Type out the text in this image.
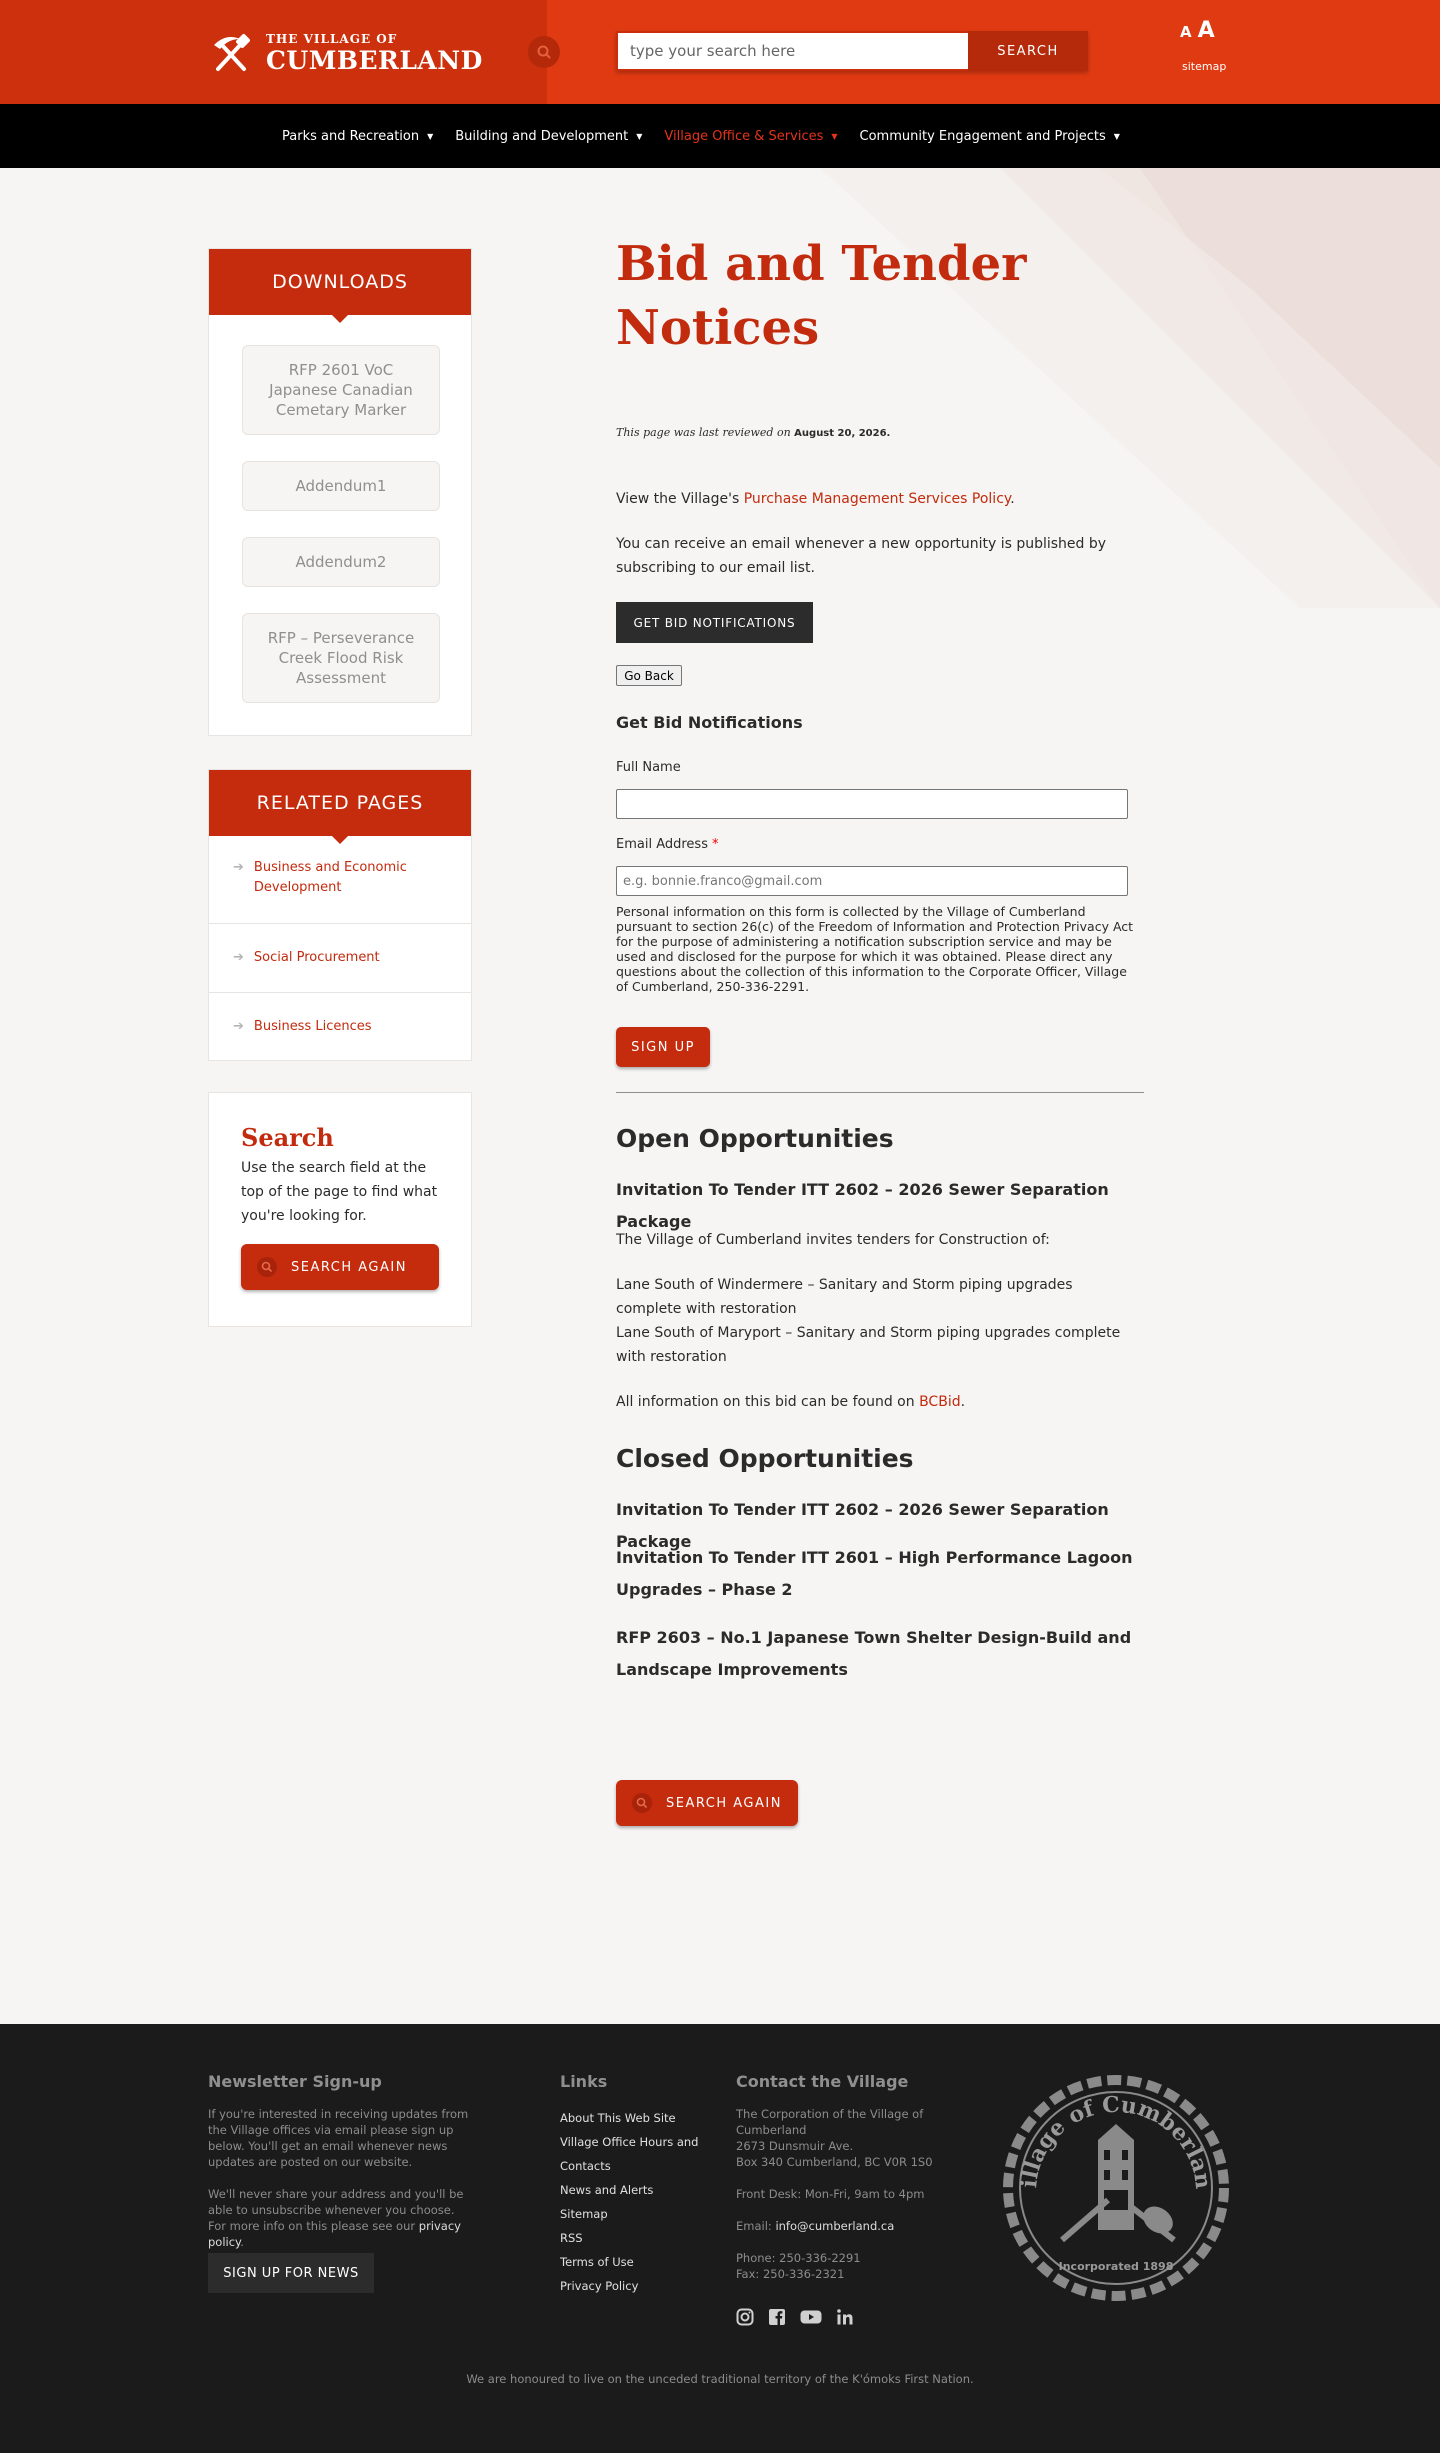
THE VILLAGE OF
CUMBERLAND
type your search here	SEARCH
A A
sitemap
Parks and Recreation ▼ Building and Development ▼ Village Office & Services ▼ Community Engagement and Projects ▼
DOWNLOADS
RFP 2601 VoC Japanese Canadian Cemetary Marker
Addendum1
Addendum2
RFP – Perseverance Creek Flood Risk Assessment
RELATED PAGES
➔ Business and Economic Development
➔ Social Procurement
➔ Business Licences
Search
Use the search field at the top of the page to find what you're looking for.
SEARCH AGAIN
Bid and Tender Notices
This page was last reviewed on August 20, 2026.
View the Village's Purchase Management Services Policy.
You can receive an email whenever a new opportunity is published by subscribing to our email list.
GET BID NOTIFICATIONS
Go Back
Get Bid Notifications
Full Name
Email Address *
e.g. bonnie.franco@gmail.com
Personal information on this form is collected by the Village of Cumberland pursuant to section 26(c) of the Freedom of Information and Protection Privacy Act for the purpose of administering a notification subscription service and may be used and disclosed for the purpose for which it was obtained. Please direct any questions about the collection of this information to the Corporate Officer, Village of Cumberland, 250-336-2291.
SIGN UP
Open Opportunities
Invitation To Tender ITT 2602 – 2026 Sewer Separation Package
The Village of Cumberland invites tenders for Construction of:
Lane South of Windermere – Sanitary and Storm piping upgrades complete with restoration
Lane South of Maryport – Sanitary and Storm piping upgrades complete with restoration
All information on this bid can be found on BCBid.
Closed Opportunities
Invitation To Tender ITT 2602 – 2026 Sewer Separation Package
Invitation To Tender ITT 2601 – High Performance Lagoon Upgrades – Phase 2
RFP 2603 – No.1 Japanese Town Shelter Design-Build and Landscape Improvements
SEARCH AGAIN
Newsletter Sign-up
If you're interested in receiving updates from the Village offices via email please sign up below. You'll get an email whenever news updates are posted on our website.
We'll never share your address and you'll be able to unsubscribe whenever you choose. For more info on this please see our privacy policy.
SIGN UP FOR NEWS
Links
About This Web Site
Village Office Hours and Contacts
News and Alerts
Sitemap
RSS
Terms of Use
Privacy Policy
Contact the Village
The Corporation of the Village of Cumberland
2673 Dunsmuir Ave.
Box 340 Cumberland, BC V0R 1S0
Front Desk: Mon-Fri, 9am to 4pm
Email: info@cumberland.ca
Phone: 250-336-2291
Fax: 250-336-2321
illage of Cumberlan
Incorporated 1898
We are honoured to live on the unceded traditional territory of the K'ómoks First Nation.
